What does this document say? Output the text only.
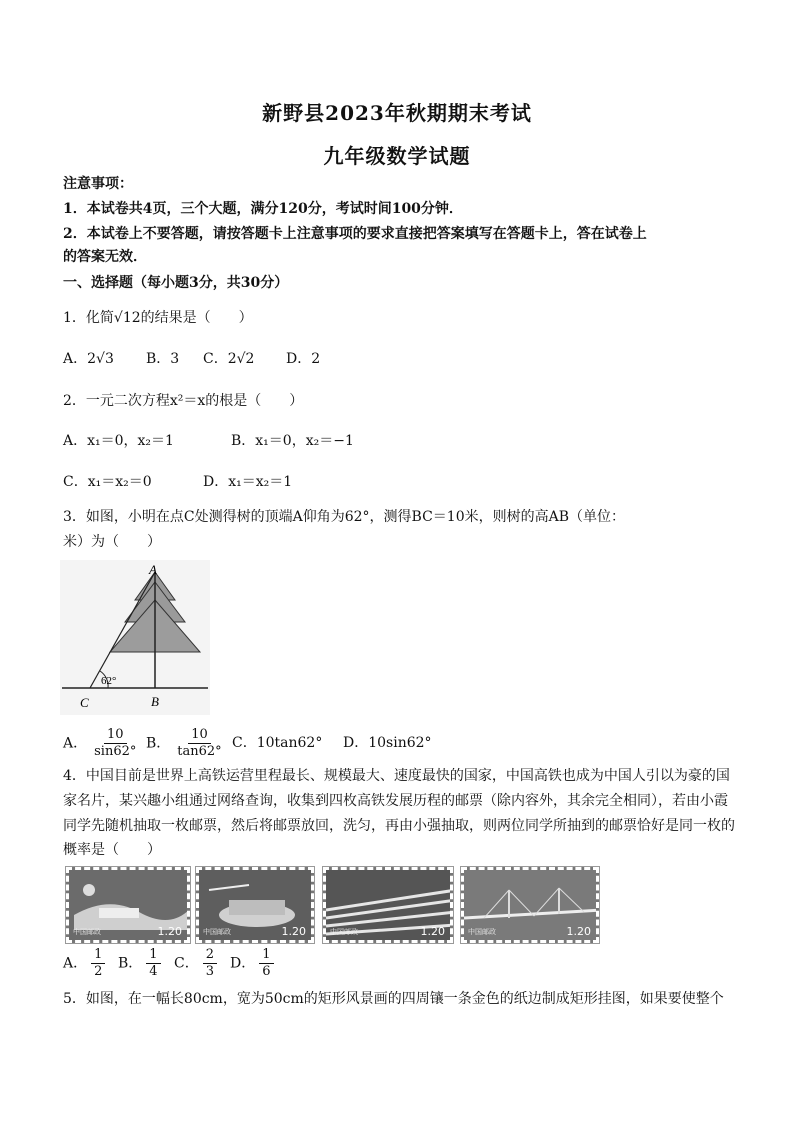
新野县2023年秋期期末考试
九年级数学试题
注意事项：
1．本试卷共4页，三个大题，满分120分，考试时间100分钟．
2．本试卷上不要答题，请按答题卡上注意事项的要求直接把答案填写在答题卡上，答在试卷上
的答案无效．
一、选择题（每小题3分，共30分）
1．化简√12的结果是（　　）
A．2√3 B．3 C．2√2 D．2
2．一元二次方程x²＝x的根是（　　）
A．x₁＝0，x₂＝1	B．x₁＝0，x₂＝−1
C．x₁＝x₂＝0	D．x₁＝x₂＝1
3．如图，小明在点C处测得树的顶端A仰角为62°，测得BC＝10米，则树的高AB（单位：
米）为（　　）
A
B
C
62°
A． $\frac{10}{\sin 62^\circ}$ B． $\frac{10}{\tan 62^\circ}$ C．10tan62° D．10sin62°
4．中国目前是世界上高铁运营里程最长、规模最大、速度最快的国家，中国高铁也成为中国人引以为豪的国
家名片，某兴趣小组通过网络查询，收集到四枚高铁发展历程的邮票（除内容外，其余完全相同），若由小霞
同学先随机抽取一枚邮票，然后将邮票放回，洗匀，再由小强抽取，则两位同学所抽到的邮票恰好是同一枚的
概率是（　　）
中国邮政	1.20	中国邮政	1.20	中国邮政	1.20	中国邮政	1.20
A． $\frac{1}{2}$ B． $\frac{1}{4}$ C． $\frac{2}{3}$ D． $\frac{1}{6}$
5．如图，在一幅长80cm，宽为50cm的矩形风景画的四周镶一条金色的纸边制成矩形挂图，如果要使整个
